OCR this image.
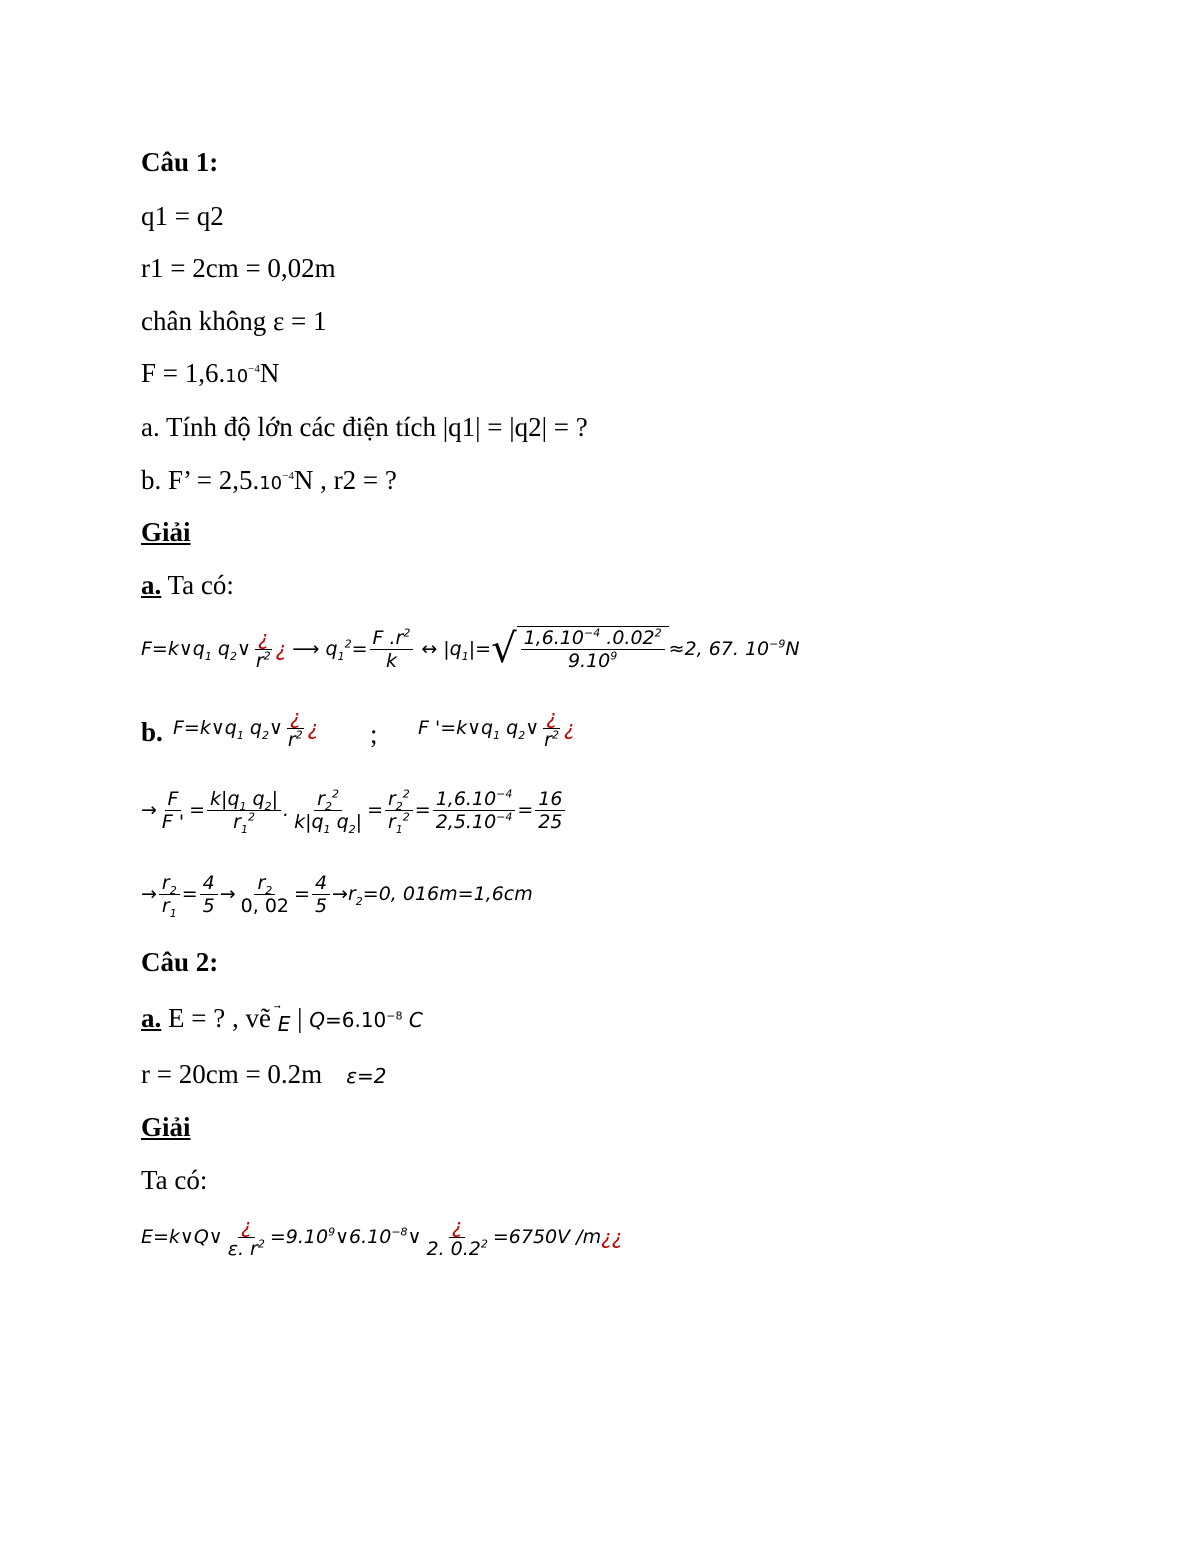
Câu 1:
q1 = q2
r1 = 2cm = 0,02m
chân không ε = 1
$F = 1,6.10^{-4}N$
a. Tính độ lớn các điện tích |q1| = |q2| = ?
b. F’ = $2,5.10^{-4}N$ , r2 = ?
Giải
a. Ta có:
$F=k\vee q_1$ $q_2\vee$ ¿
$r^2$ ¿ ⟶ $q_1^2= \frac{F .r^2}{k}$ ↔ $|q_1|=$ √ $\frac{1,6.10^{-4} .0.02^2}{9.10^9} \approx 2$, 67. $10^{-9}$ N
b. $F=k\vee q_1$ $q_2\vee$ ¿
$r^2$ ¿ ; F '$=k\vee q_1$ $q_2\vee$ ¿
$r^2$ ¿
→ $\frac{F}{F '} = \frac{k|q_1 q_2|}{r_1^2}$ . $\frac{r_2^2}{k|q_1 q_2|} = \frac{r_2^2}{r_1^2} = \frac{1,6.10^{-4}}{2,5.10^{-4}} = \frac{16}{25}$
→ $\frac{r_2}{r_1} = \frac{4}{5} \to \frac{r_2}{0, 02} = \frac{4}{5} \to r_2 =0$, 016 m =1,6 cm
Câu 2:
a. E = ? , vẽ
E | $Q=6.10^{-8}$ C
r = 20cm = 0.2m ε=2
Giải
Ta có:
E=k∨Q∨ ¿
ε. $r^2$ $=9.10^9\vee 6.10^{-8}\vee$ ¿
2. $0.2^2 =6750$ V /m ¿¿
